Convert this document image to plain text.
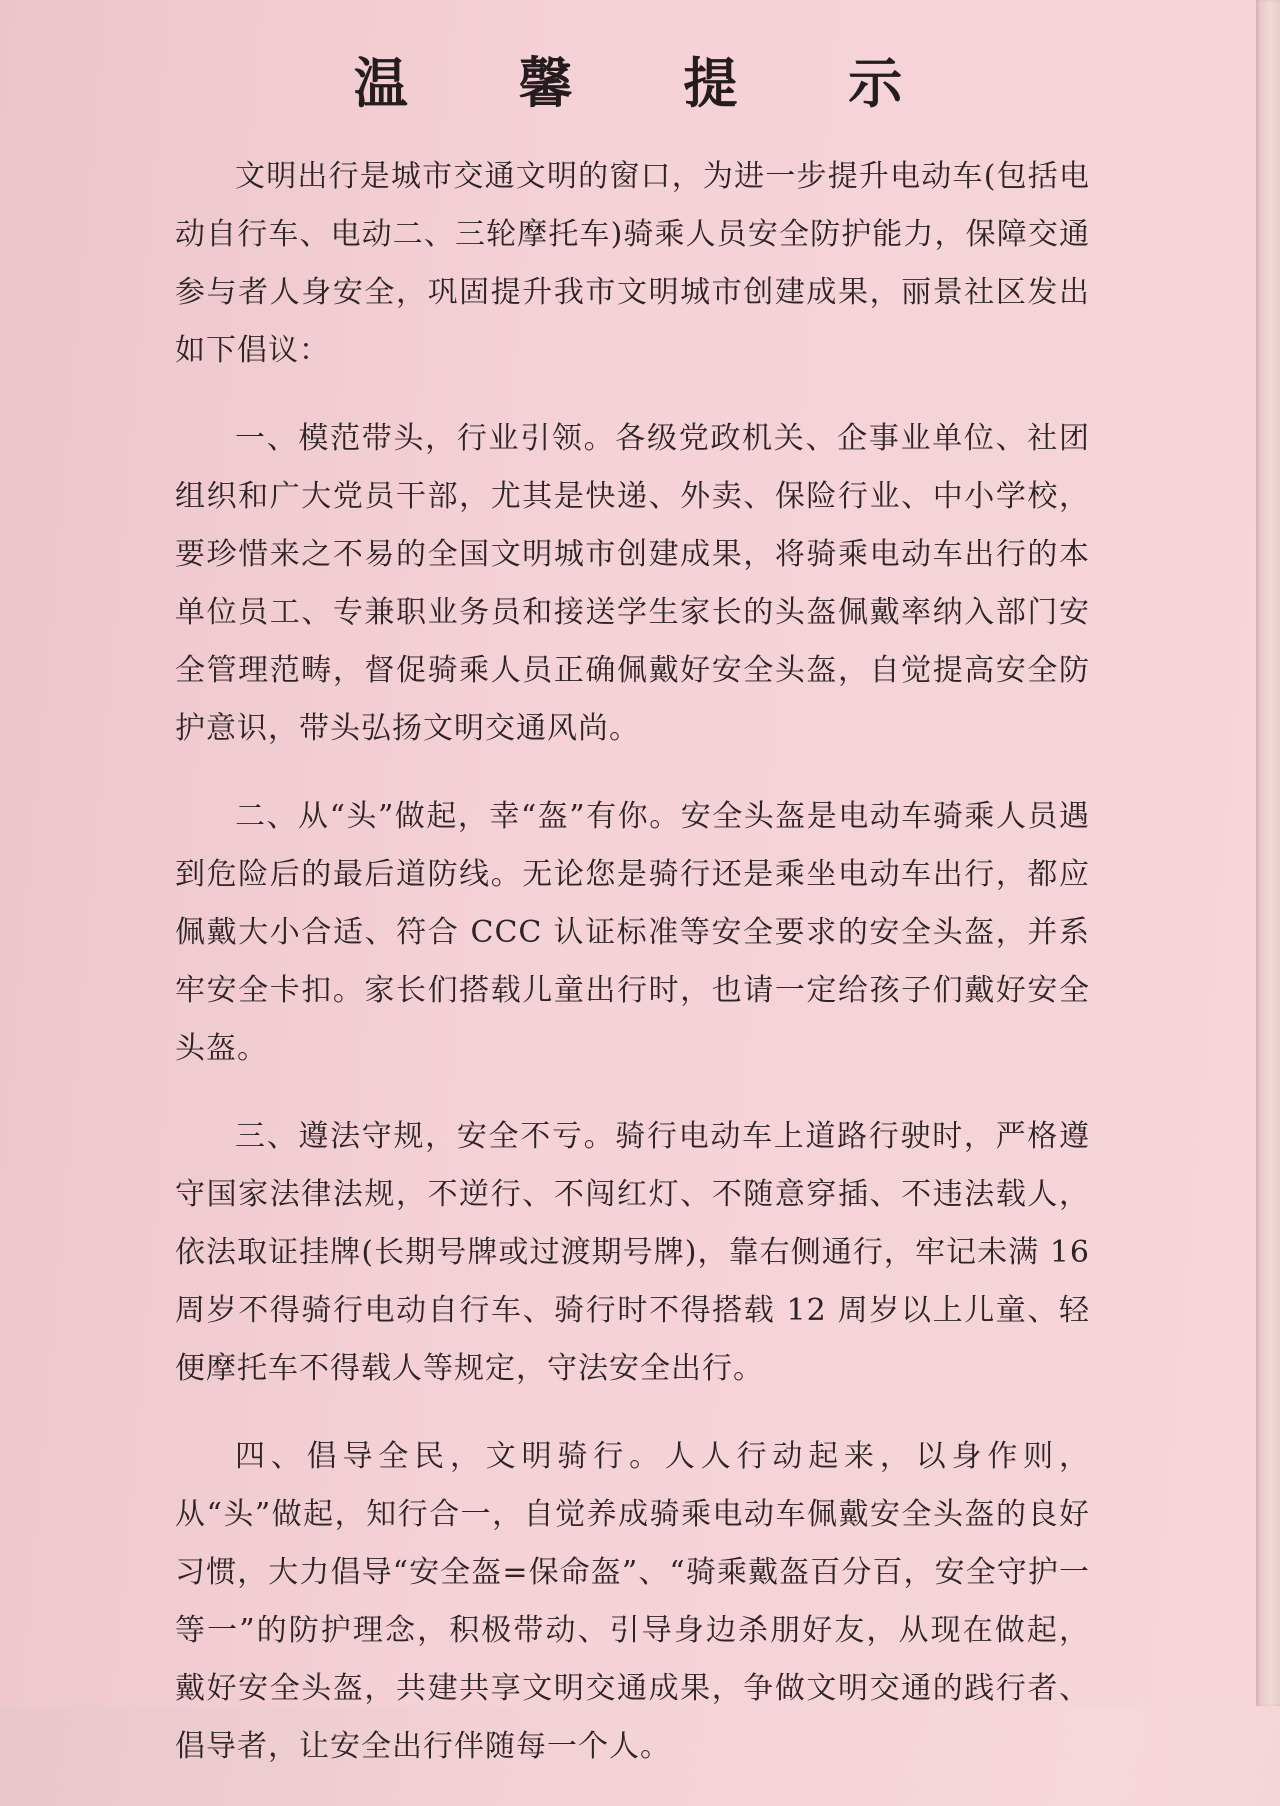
温 馨 提 示

文明出行是城市交通文明的窗口，为进一步提升电动车(包括电动自行车、电动二、三轮摩托车)骑乘人员安全防护能力，保障交通参与者人身安全，巩固提升我市文明城市创建成果，丽景社区发出如下倡议：

一、模范带头，行业引领。各级党政机关、企事业单位、社团组织和广大党员干部，尤其是快递、外卖、保险行业、中小学校，要珍惜来之不易的全国文明城市创建成果，将骑乘电动车出行的本单位员工、专兼职业务员和接送学生家长的头盔佩戴率纳入部门安全管理范畴，督促骑乘人员正确佩戴好安全头盔，自觉提高安全防护意识，带头弘扬文明交通风尚。

二、从“头”做起，幸“盔”有你。安全头盔是电动车骑乘人员遇到危险后的最后道防线。无论您是骑行还是乘坐电动车出行，都应佩戴大小合适、符合 CCC 认证标准等安全要求的安全头盔，并系牢安全卡扣。家长们搭载儿童出行时，也请一定给孩子们戴好安全头盔。

三、遵法守规，安全不亏。骑行电动车上道路行驶时，严格遵守国家法律法规，不逆行、不闯红灯、不随意穿插、不违法载人，依法取证挂牌(长期号牌或过渡期号牌)，靠右侧通行，牢记未满 16 周岁不得骑行电动自行车、骑行时不得搭载 12 周岁以上儿童、轻便摩托车不得载人等规定，守法安全出行。

四、倡导全民，文明骑行。人人行动起来，以身作则，从“头”做起，知行合一，自觉养成骑乘电动车佩戴安全头盔的良好习惯，大力倡导“安全盔=保命盔”、“骑乘戴盔百分百，安全守护一等一”的防护理念，积极带动、引导身边杀朋好友，从现在做起，戴好安全头盔，共建共享文明交通成果，争做文明交通的践行者、倡导者，让安全出行伴随每一个人。
